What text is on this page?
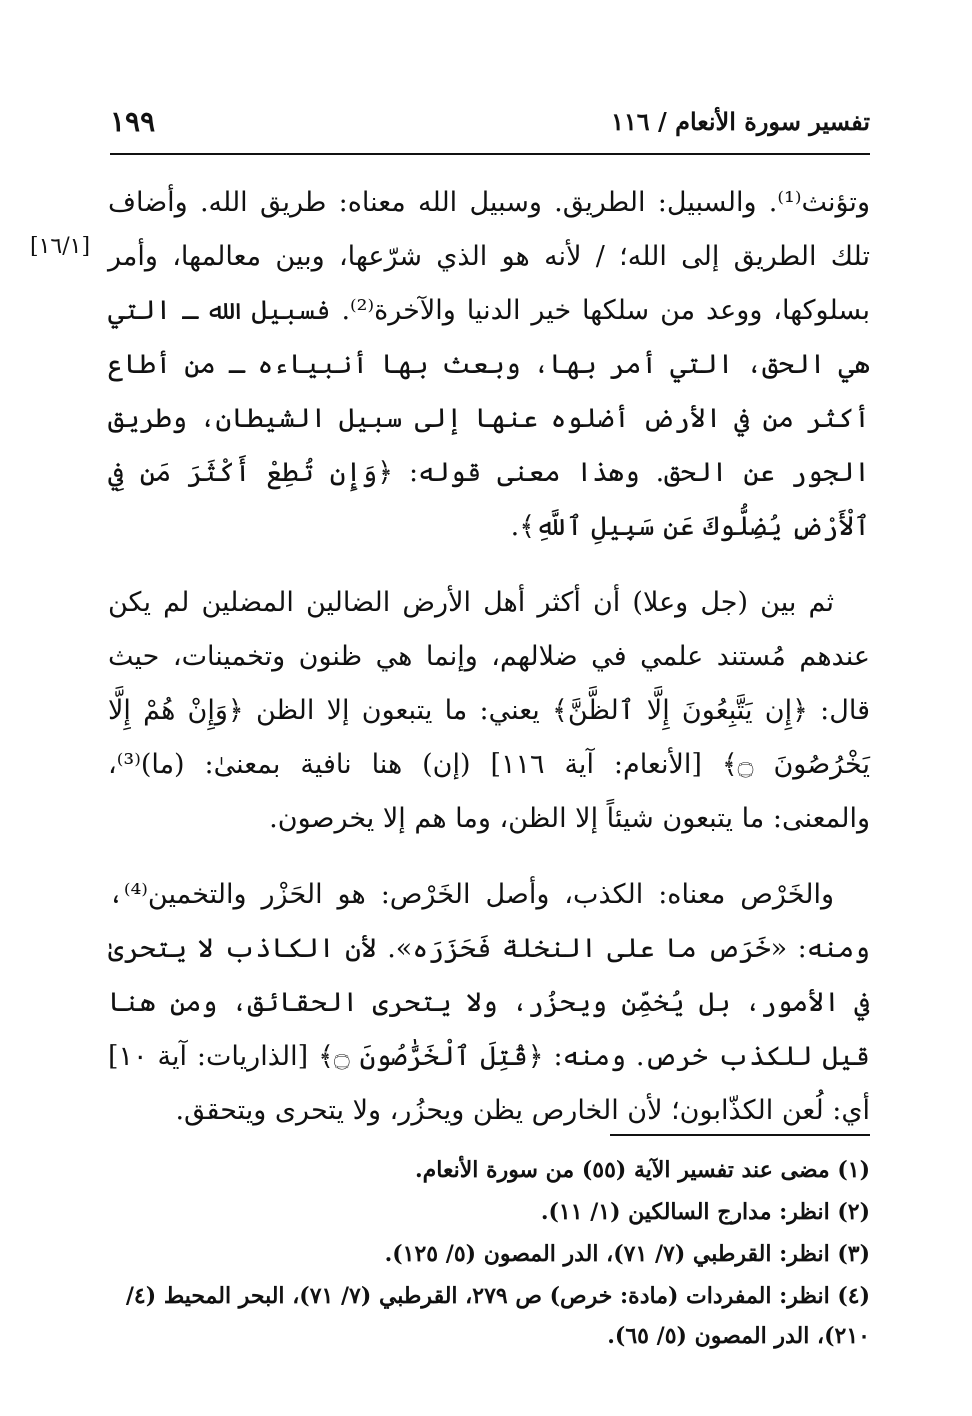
١٩٩	تفسير سورة الأنعام / ١١٦
[١٦/١]

وتؤنث⁽¹⁾. والسبيل: الطريق. وسبيل الله معناه: طريق الله. وأضاف تلك الطريق إلى الله؛ / لأنه هو الذي شرّعها، وبين معالمها، وأمر بسلوكها، ووعد من سلكها خير الدنيا والآخرة⁽²⁾. فسبيل الله ـ التي هي الحق، التي أمر بها، وبعث بها أنبياءه ـ من أطاع أكثر من في الأرض أضلوه عنها إلى سبيل الشيطان، وطريق الجور عن الحق. وهذا معنى قوله: ﴿وَإِن تُطِعْ أَكْثَرَ مَن فِي ٱلْأَرْضِ يُضِلُّوكَ عَن سَبِيلِ ٱللَّهِ﴾.

ثم بين (جل وعلا) أن أكثر أهل الأرض الضالين المضلين لم يكن عندهم مُستند علمي في ضلالهم، وإنما هي ظنون وتخمينات، حيث قال: ﴿إِن يَتَّبِعُونَ إِلَّا ٱلظَّنَّ﴾ يعني: ما يتبعون إلا الظن ﴿وَإِنْ هُمْ إِلَّا يَخْرُصُونَ ۝﴾ [الأنعام: آية ١١٦] (إن) هنا نافية بمعنىٰ: (ما)⁽³⁾، والمعنى: ما يتبعون شيئاً إلا الظن، وما هم إلا يخرصون.

والخَرْص معناه: الكذب، وأصل الخَرْص: هو الحَزْر والتخمين⁽⁴⁾، ومنه: «خَرَص ما على النخلة فَحَزَرَه». لأن الكاذب لا يتحرىٰ في الأمور، بل يُخمِّن ويحزُر، ولا يتحرى الحقائق، ومن هنا قيل للكذب خرص. ومنه: ﴿قُتِلَ ٱلْخَرَّٰصُونَ ۝﴾ [الذاريات: آية ١٠] أي: لُعن الكذّابون؛ لأن الخارص يظن ويحزُر، ولا يتحرى ويتحقق.

(١) مضى عند تفسير الآية (٥٥) من سورة الأنعام.
(٢) انظر: مدارج السالكين (١/ ١١).
(٣) انظر: القرطبي (٧/ ٧١)، الدر المصون (٥/ ١٢٥).
(٤) انظر: المفردات (مادة: خرص) ص ٢٧٩، القرطبي (٧/ ٧١)، البحر المحيط (٤/ ٢١٠)، الدر المصون (٥/ ٦٥).
